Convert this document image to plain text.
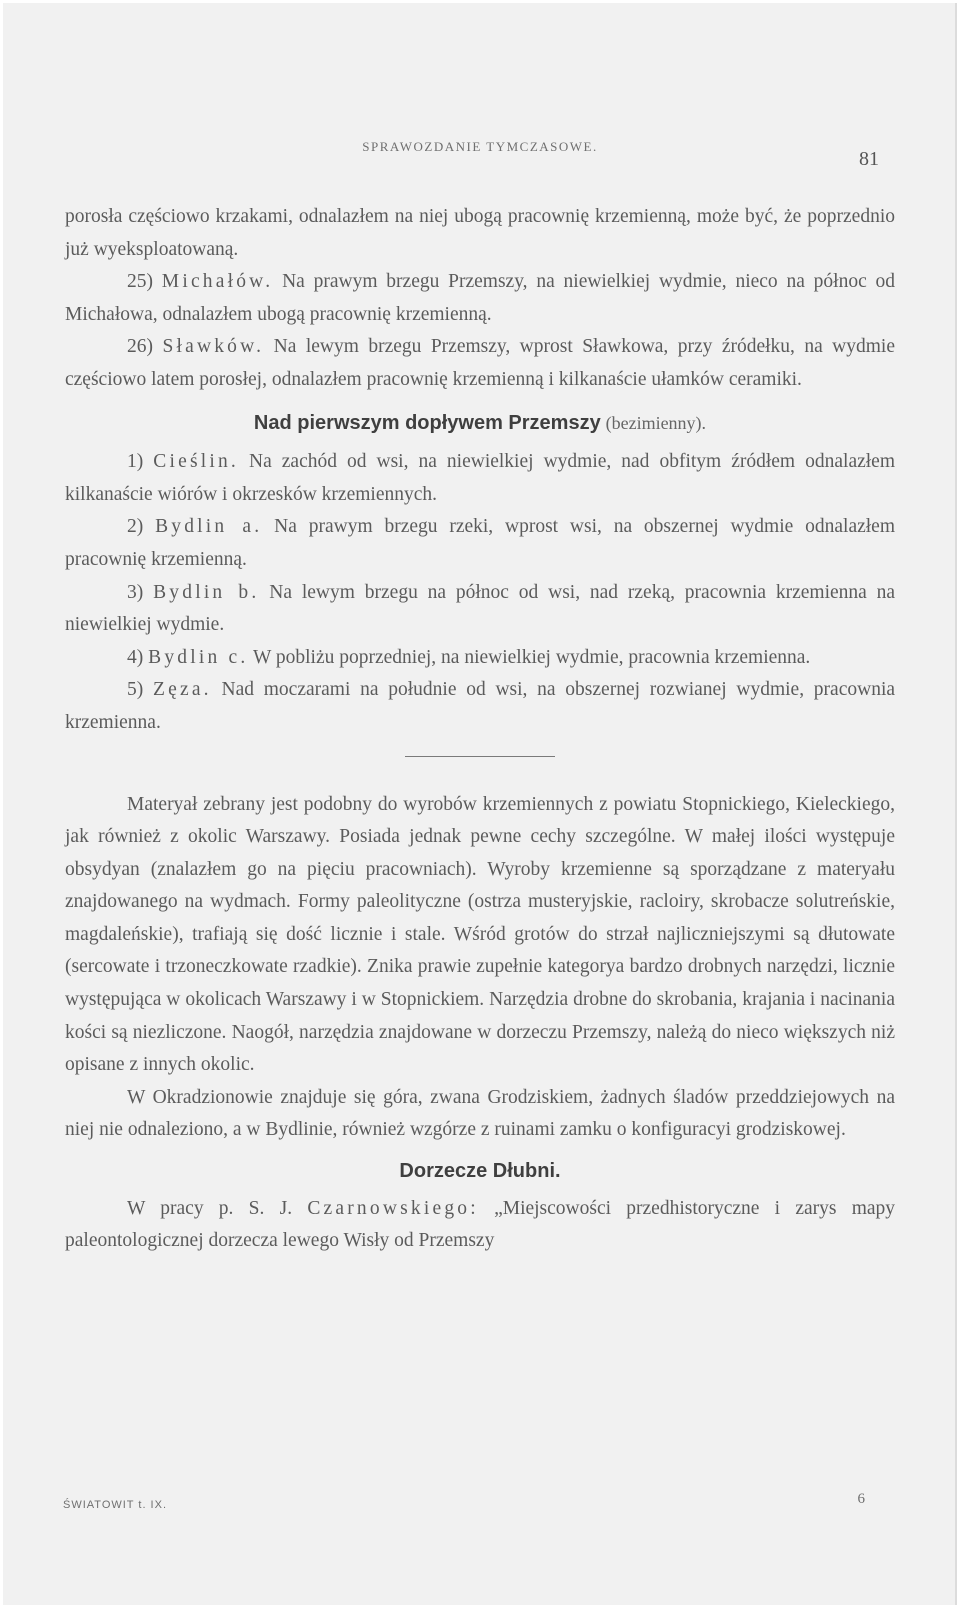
SPRAWOZDANIE TYMCZASOWE.
81

porosła częściowo krzakami, odnalazłem na niej ubogą pracownię krzemienną, może być, że poprzednio już wyeksploatowaną.

25) Michałów. Na prawym brzegu Przemszy, na niewielkiej wydmie, nieco na północ od Michałowa, odnalazłem ubogą pracownię krzemienną.

26) Sławków. Na lewym brzegu Przemszy, wprost Sławkowa, przy źródełku, na wydmie częściowo latem porosłej, odnalazłem pracownię krzemienną i kilkanaście ułamków ceramiki.

Nad pierwszym dopływem Przemszy (bezimienny).

1) Cieślin. Na zachód od wsi, na niewielkiej wydmie, nad obfitym źródłem odnalazłem kilkanaście wiórów i okrzesków krzemiennych.

2) Bydlin a. Na prawym brzegu rzeki, wprost wsi, na obszernej wydmie odnalazłem pracownię krzemienną.

3) Bydlin b. Na lewym brzegu na północ od wsi, nad rzeką, pracownia krzemienna na niewielkiej wydmie.

4) Bydlin c. W pobliżu poprzedniej, na niewielkiej wydmie, pracownia krzemienna.

5) Zęza. Nad moczarami na południe od wsi, na obszernej rozwianej wydmie, pracownia krzemienna.

Materyał zebrany jest podobny do wyrobów krzemiennych z powiatu Stopnickiego, Kieleckiego, jak również z okolic Warszawy. Posiada jednak pewne cechy szczególne. W małej ilości występuje obsydyan (znalazłem go na pięciu pracowniach). Wyroby krzemienne są sporządzane z materyału znajdowanego na wydmach. Formy paleolityczne (ostrza musteryjskie, racloiry, skrobacze solutreńskie, magdaleńskie), trafiają się dość licznie i stale. Wśród grotów do strzał najliczniejszymi są dłutowate (sercowate i trzoneczkowate rzadkie). Znika prawie zupełnie kategorya bardzo drobnych narzędzi, licznie występująca w okolicach Warszawy i w Stopnickiem. Narzędzia drobne do skrobania, krajania i nacinania kości są niezliczone. Naogół, narzędzia znajdowane w dorzeczu Przemszy, należą do nieco większych niż opisane z innych okolic.

W Okradzionowie znajduje się góra, zwana Grodziskiem, żadnych śladów przeddziejowych na niej nie odnaleziono, a w Bydlinie, również wzgórze z ruinami zamku o konfiguracyi grodziskowej.

Dorzecze Dłubni.

W pracy p. S. J. Czarnowskiego: „Miejscowości przedhistoryczne i zarys mapy paleontologicznej dorzecza lewego Wisły od Przemszy

ŚWIATOWIT t. IX.	6
